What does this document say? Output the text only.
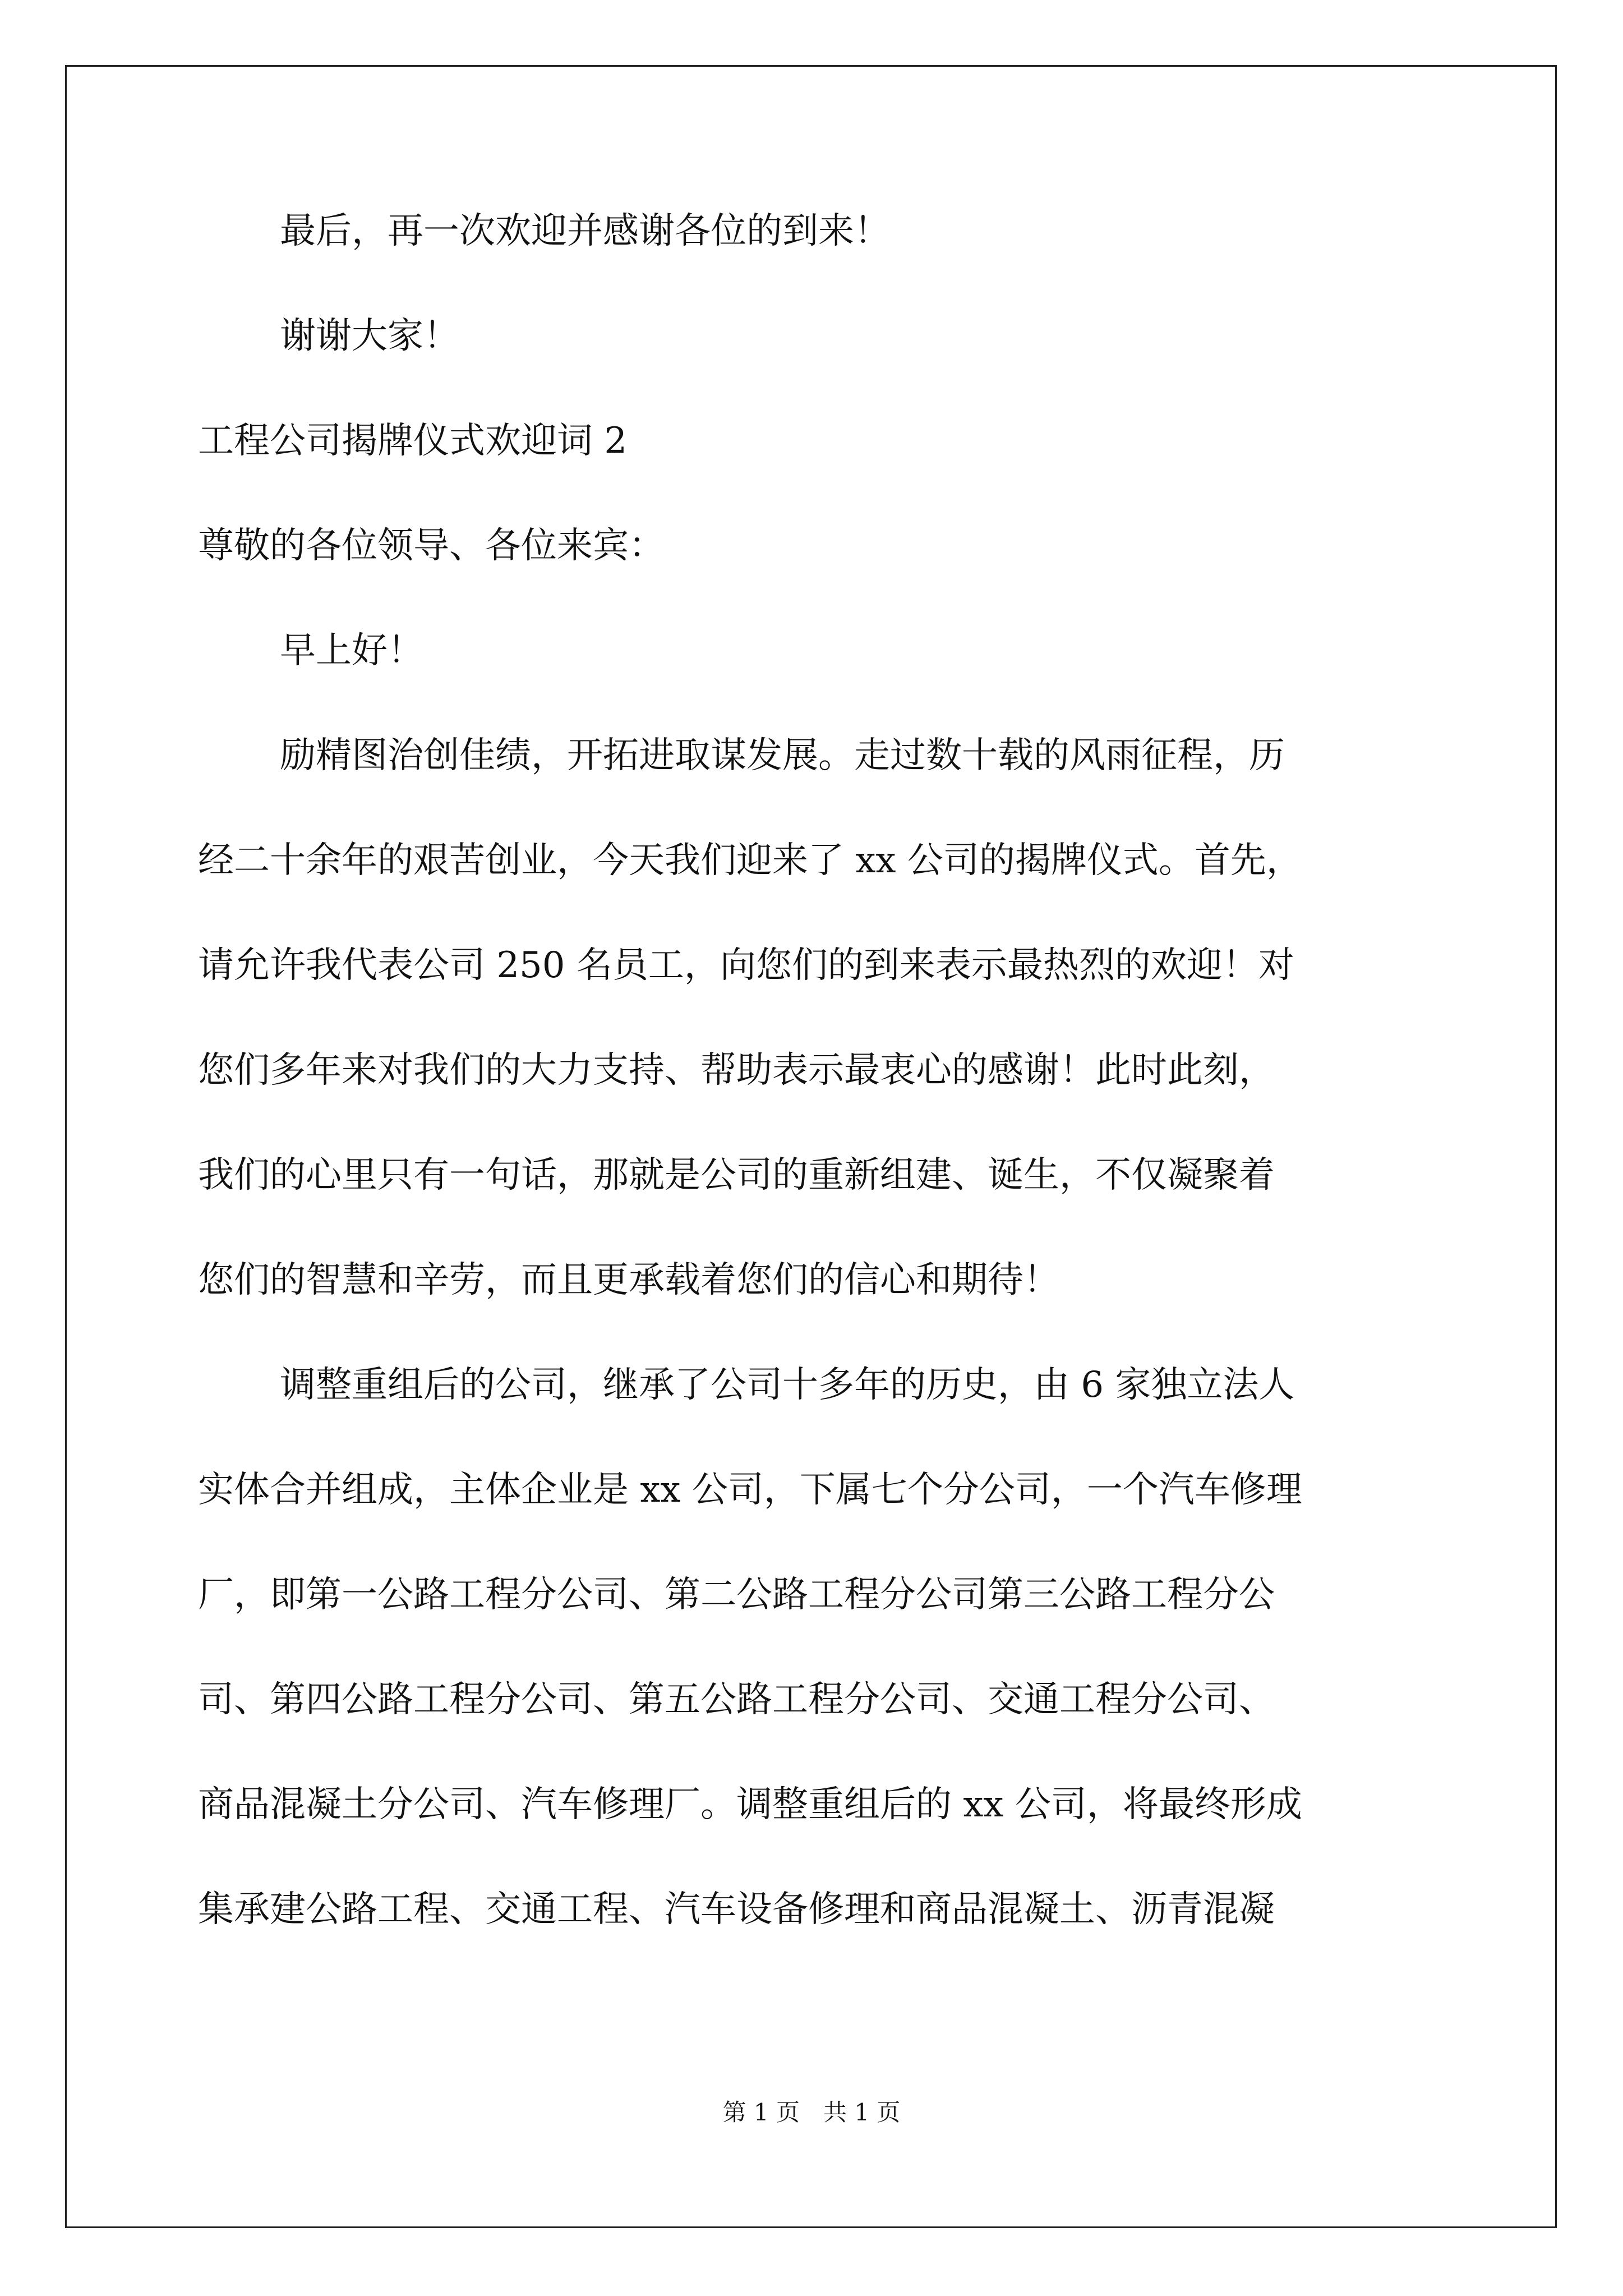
最后，再一次欢迎并感谢各位的到来！

谢谢大家！

工程公司揭牌仪式欢迎词 2

尊敬的各位领导、各位来宾：

早上好！

励精图治创佳绩，开拓进取谋发展。走过数十载的风雨征程，历

经二十余年的艰苦创业，今天我们迎来了 xx 公司的揭牌仪式。首先，

请允许我代表公司 250 名员工，向您们的到来表示最热烈的欢迎！对

您们多年来对我们的大力支持、帮助表示最衷心的感谢！此时此刻，

我们的心里只有一句话，那就是公司的重新组建、诞生，不仅凝聚着

您们的智慧和辛劳，而且更承载着您们的信心和期待！

调整重组后的公司，继承了公司十多年的历史，由 6 家独立法人

实体合并组成，主体企业是 xx 公司，下属七个分公司，一个汽车修理

厂，即第一公路工程分公司、第二公路工程分公司第三公路工程分公

司、第四公路工程分公司、第五公路工程分公司、交通工程分公司、

商品混凝土分公司、汽车修理厂。调整重组后的 xx 公司，将最终形成

集承建公路工程、交通工程、汽车设备修理和商品混凝土、沥青混凝

第 1 页　共 1 页
